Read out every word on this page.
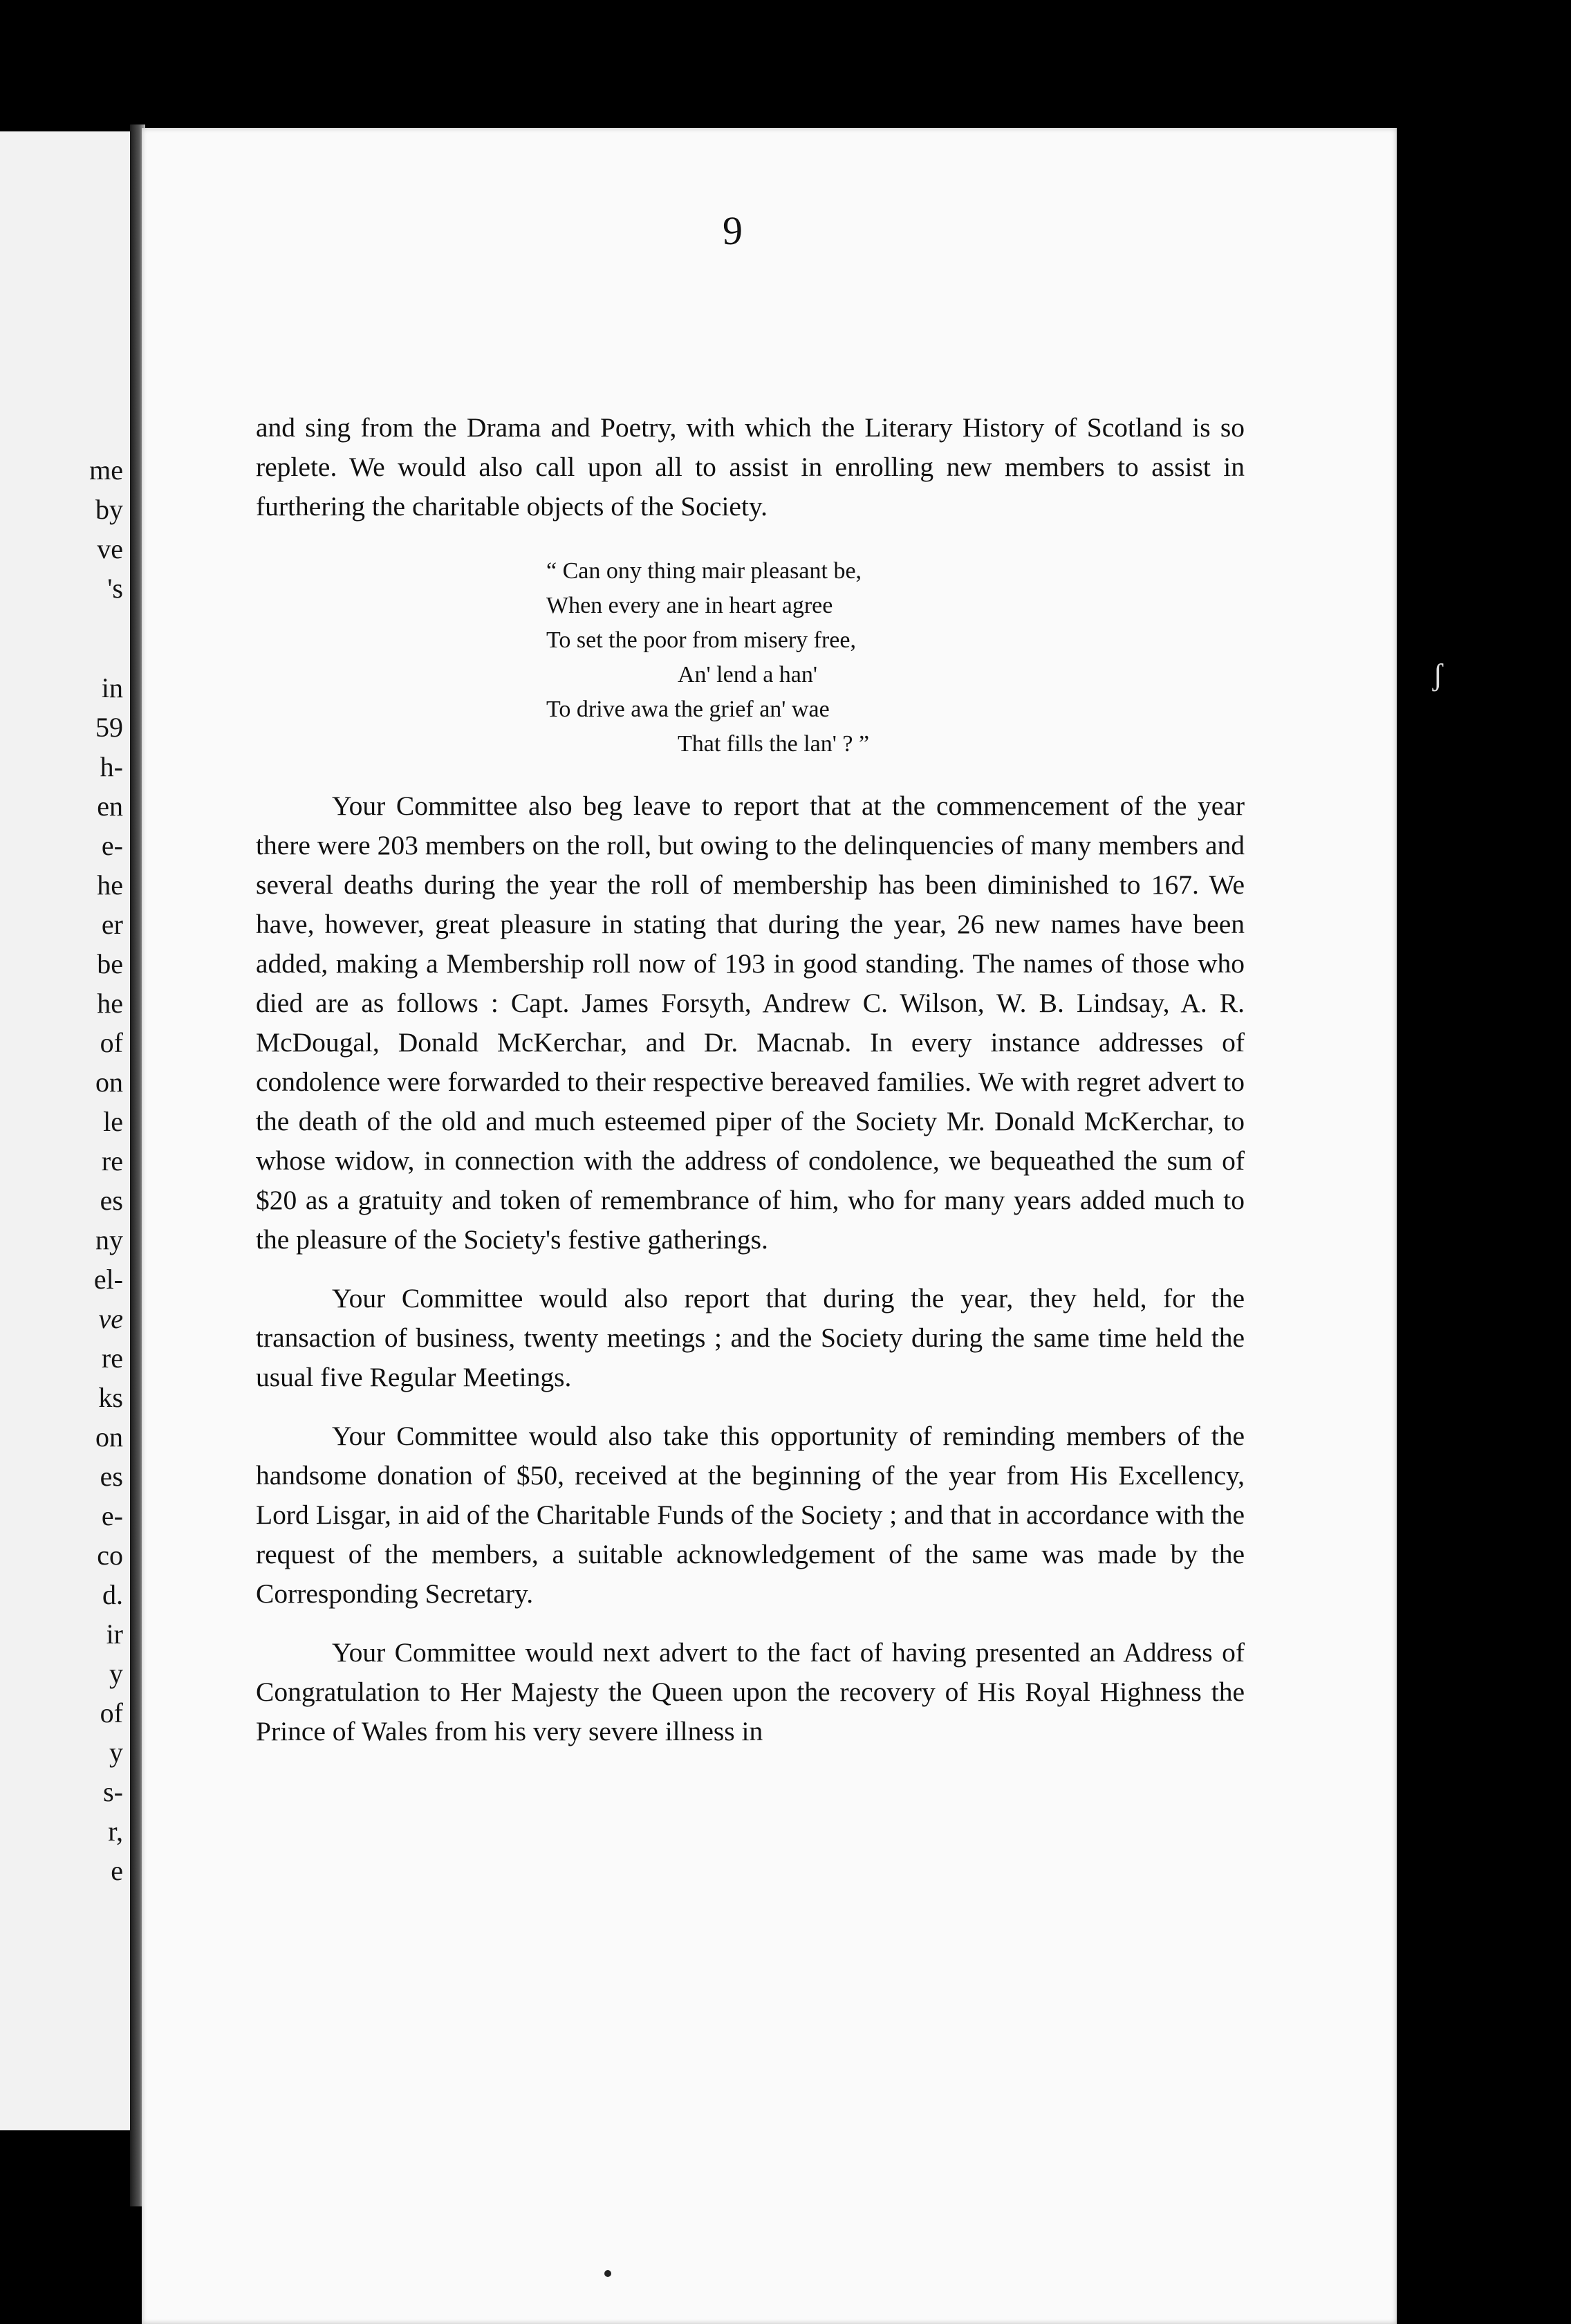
me
by
ve
's
in
59
h-
en
e-
he
er
be
he
of
on
le
re
es
ny
el-
ve
re
ks
on
es
e-
co
d.
ir
y
of
y
s-
r,
e
9

and sing from the Drama and Poetry, with which the Literary History of Scotland is so replete. We would also call upon all to assist in enrolling new members to assist in furthering the charitable objects of the Society.

“ Can ony thing mair pleasant be,
When every ane in heart agree
To set the poor from misery free,
An' lend a han'
To drive awa the grief an' wae
That fills the lan' ? ”

Your Committee also beg leave to report that at the commencement of the year there were 203 members on the roll, but owing to the delinquencies of many members and several deaths during the year the roll of membership has been diminished to 167. We have, however, great pleasure in stating that during the year, 26 new names have been added, making a Membership roll now of 193 in good standing. The names of those who died are as follows : Capt. James Forsyth, Andrew C. Wilson, W. B. Lindsay, A. R. McDougal, Donald McKerchar, and Dr. Macnab. In every instance addresses of condolence were forwarded to their respective bereaved families. We with regret advert to the death of the old and much esteemed piper of the Society Mr. Donald McKerchar, to whose widow, in connection with the address of condolence, we bequeathed the sum of $20 as a gratuity and token of remembrance of him, who for many years added much to the pleasure of the Society's festive gatherings.

Your Committee would also report that during the year, they held, for the transaction of business, twenty meetings ; and the Society during the same time held the usual five Regular Meetings.

Your Committee would also take this opportunity of reminding members of the handsome donation of $50, received at the beginning of the year from His Excellency, Lord Lisgar, in aid of the Charitable Funds of the Society ; and that in accordance with the request of the members, a suitable acknowledgement of the same was made by the Corresponding Secretary.

Your Committee would next advert to the fact of having presented an Address of Congratulation to Her Majesty the Queen upon the recovery of His Royal Highness the Prince of Wales from his very severe illness in

ʃ
